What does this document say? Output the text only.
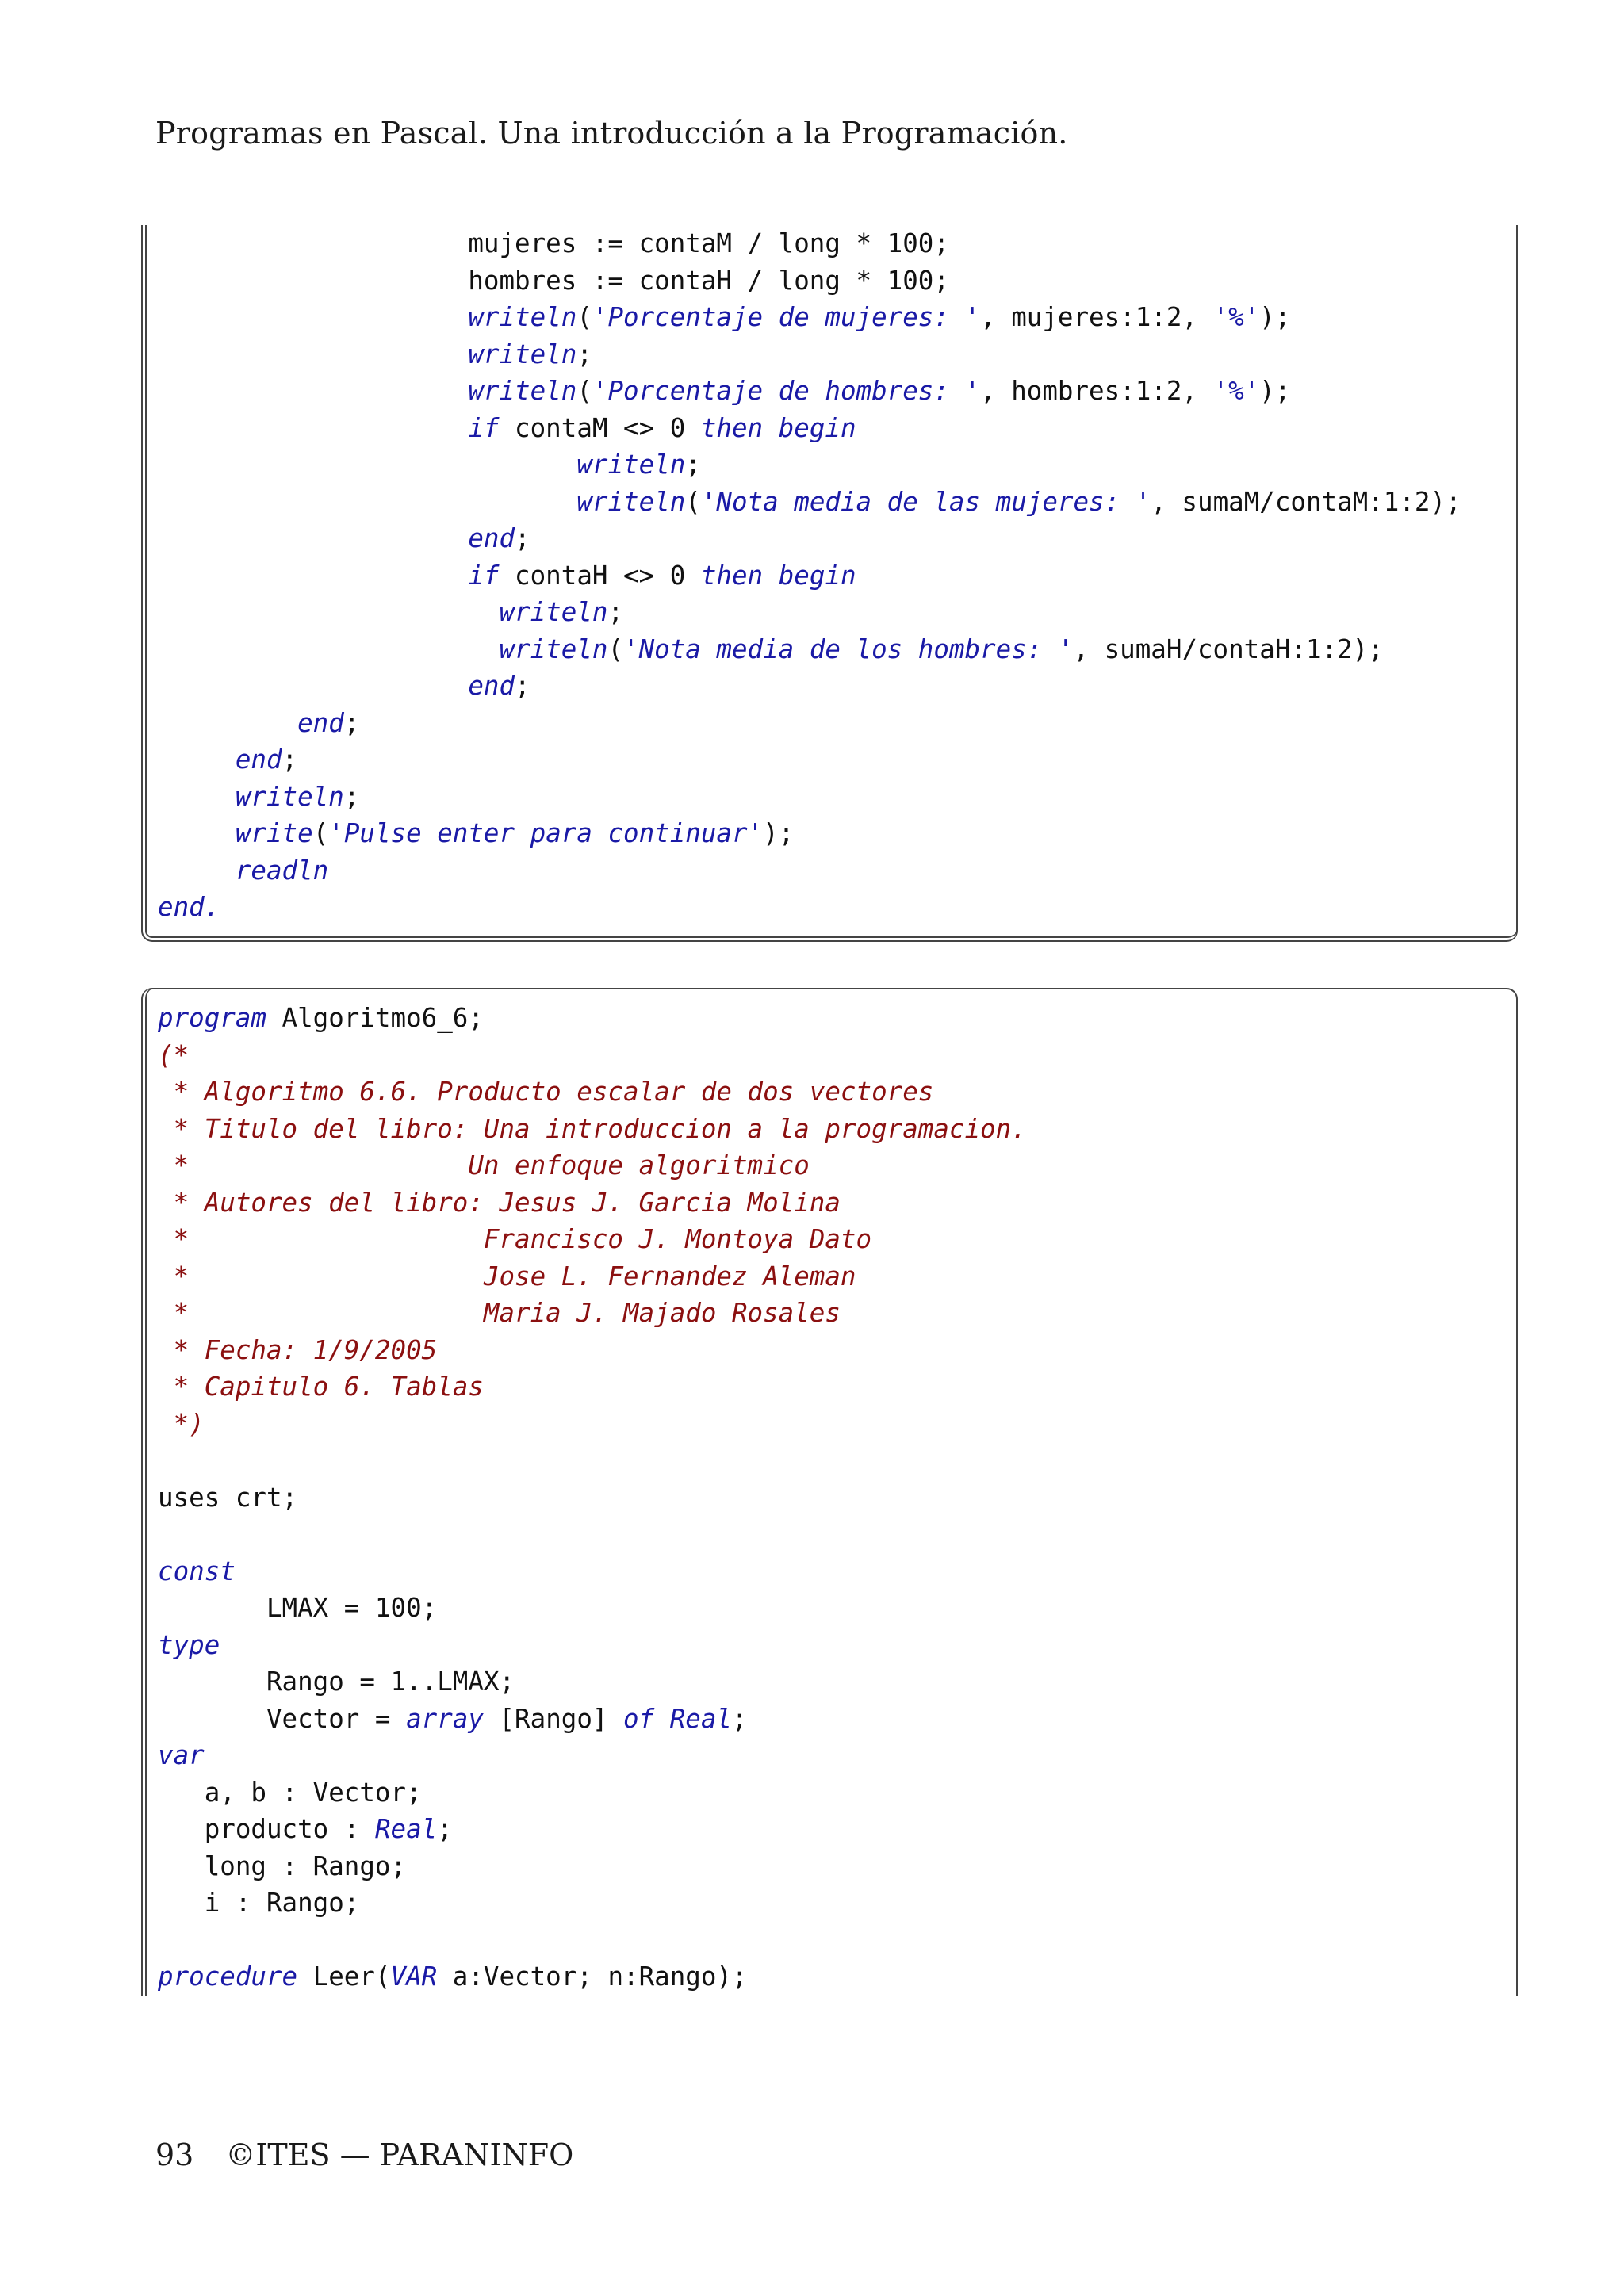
Programas en Pascal. Una introducción a la Programación.
mujeres := contaM / long * 100;
hombres := contaH / long * 100;
writeln('Porcentaje de mujeres: ', mujeres:1:2, '%');
writeln;
writeln('Porcentaje de hombres: ', hombres:1:2, '%');
if contaM <> 0 then begin
writeln;
writeln('Nota media de las mujeres: ', sumaM/contaM:1:2);
end;
if contaH <> 0 then begin
writeln;
writeln('Nota media de los hombres: ', sumaH/contaH:1:2);
end;
end;
end;
writeln;
write('Pulse enter para continuar');
readln
end.
program Algoritmo6_6;
(*
* Algoritmo 6.6. Producto escalar de dos vectores
* Titulo del libro: Una introduccion a la programacion.
*                  Un enfoque algoritmico
* Autores del libro: Jesus J. Garcia Molina
*                   Francisco J. Montoya Dato
*                   Jose L. Fernandez Aleman
*                   Maria J. Majado Rosales
* Fecha: 1/9/2005
* Capitulo 6. Tablas
*)

uses crt;

const
LMAX = 100;
type
Rango = 1..LMAX;
Vector = array [Rango] of Real;
var
a, b : Vector;
producto : Real;
long : Rango;
i : Rango;

procedure Leer(VAR a:Vector; n:Rango);
93 ©ITES — PARANINFO
